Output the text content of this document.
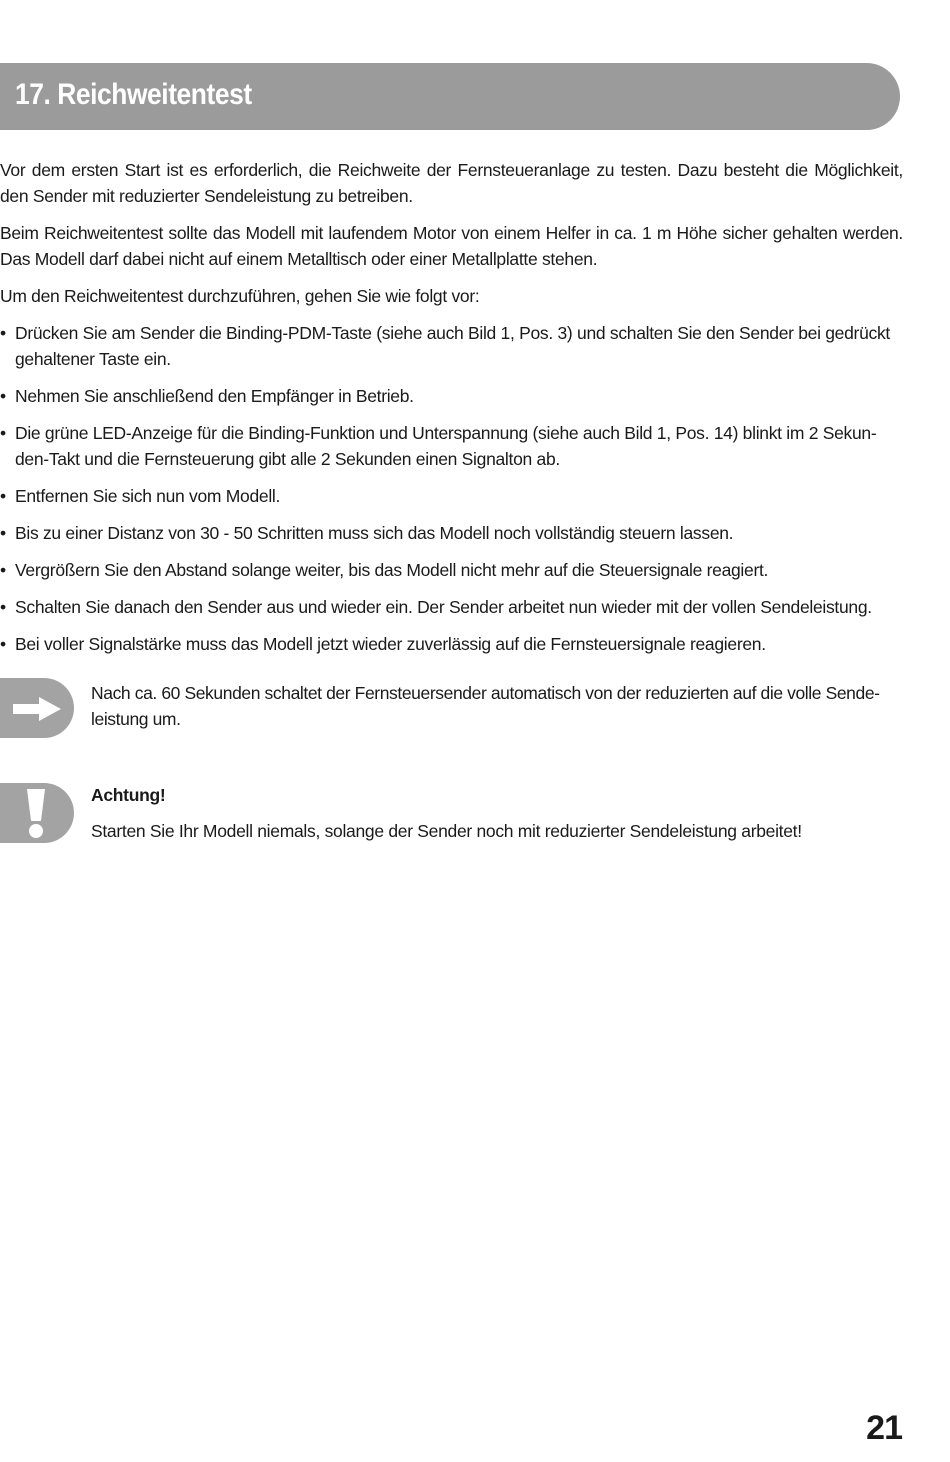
17. Reichweitentest

Vor dem ersten Start ist es erforderlich, die Reichweite der Fernsteueranlage zu testen. Dazu besteht die Möglichkeit, den Sender mit reduzierter Sendeleistung zu betreiben.

Beim Reichweitentest sollte das Modell mit laufendem Motor von einem Helfer in ca. 1 m Höhe sicher gehalten werden. Das Modell darf dabei nicht auf einem Metalltisch oder einer Metallplatte stehen.

Um den Reichweitentest durchzuführen, gehen Sie wie folgt vor:

• Drücken Sie am Sender die Binding-PDM-Taste (siehe auch Bild 1, Pos. 3) und schalten Sie den Sender bei gedrückt gehaltener Taste ein.
• Nehmen Sie anschließend den Empfänger in Betrieb.
• Die grüne LED-Anzeige für die Binding-Funktion und Unterspannung (siehe auch Bild 1, Pos. 14) blinkt im 2 Sekunden-Takt und die Fernsteuerung gibt alle 2 Sekunden einen Signalton ab.
• Entfernen Sie sich nun vom Modell.
• Bis zu einer Distanz von 30 - 50 Schritten muss sich das Modell noch vollständig steuern lassen.
• Vergrößern Sie den Abstand solange weiter, bis das Modell nicht mehr auf die Steuersignale reagiert.
• Schalten Sie danach den Sender aus und wieder ein. Der Sender arbeitet nun wieder mit der vollen Sendeleistung.
• Bei voller Signalstärke muss das Modell jetzt wieder zuverlässig auf die Fernsteuersignale reagieren.

Nach ca. 60 Sekunden schaltet der Fernsteuersender automatisch von der reduzierten auf die volle Sendeleistung um.

Achtung!
Starten Sie Ihr Modell niemals, solange der Sender noch mit reduzierter Sendeleistung arbeitet!
21
